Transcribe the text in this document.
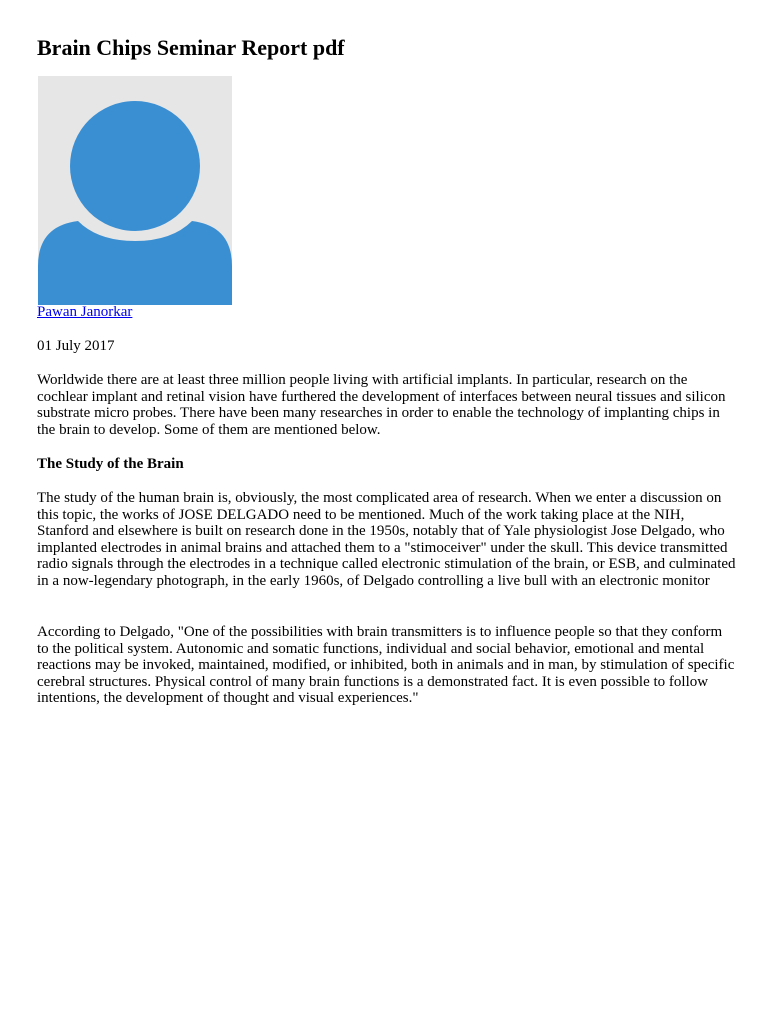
Brain Chips Seminar Report pdf
Pawan Janorkar

01 July 2017

Worldwide there are at least three million people living with artificial implants. In particular, research on the cochlear implant and retinal vision have furthered the development of interfaces between neural tissues and silicon substrate micro probes. There have been many researches in order to enable the technology of implanting chips in the brain to develop. Some of them are mentioned below.

The Study of the Brain

The study of the human brain is, obviously, the most complicated area of research. When we enter a discussion on this topic, the works of JOSE DELGADO need to be mentioned. Much of the work taking place at the NIH, Stanford and elsewhere is built on research done in the 1950s, notably that of Yale physiologist Jose Delgado, who implanted electrodes in animal brains and attached them to a "stimoceiver" under the skull. This device transmitted radio signals through the electrodes in a technique called electronic stimulation of the brain, or ESB, and culminated in a now-legendary photograph, in the early 1960s, of Delgado controlling a live bull with an electronic monitor

According to Delgado, "One of the possibilities with brain transmitters is to influence people so that they conform to the political system. Autonomic and somatic functions, individual and social behavior, emotional and mental reactions may be invoked, maintained, modified, or inhibited, both in animals and in man, by stimulation of specific cerebral structures. Physical control of many brain functions is a demonstrated fact. It is even possible to follow intentions, the development of thought and visual experiences."
